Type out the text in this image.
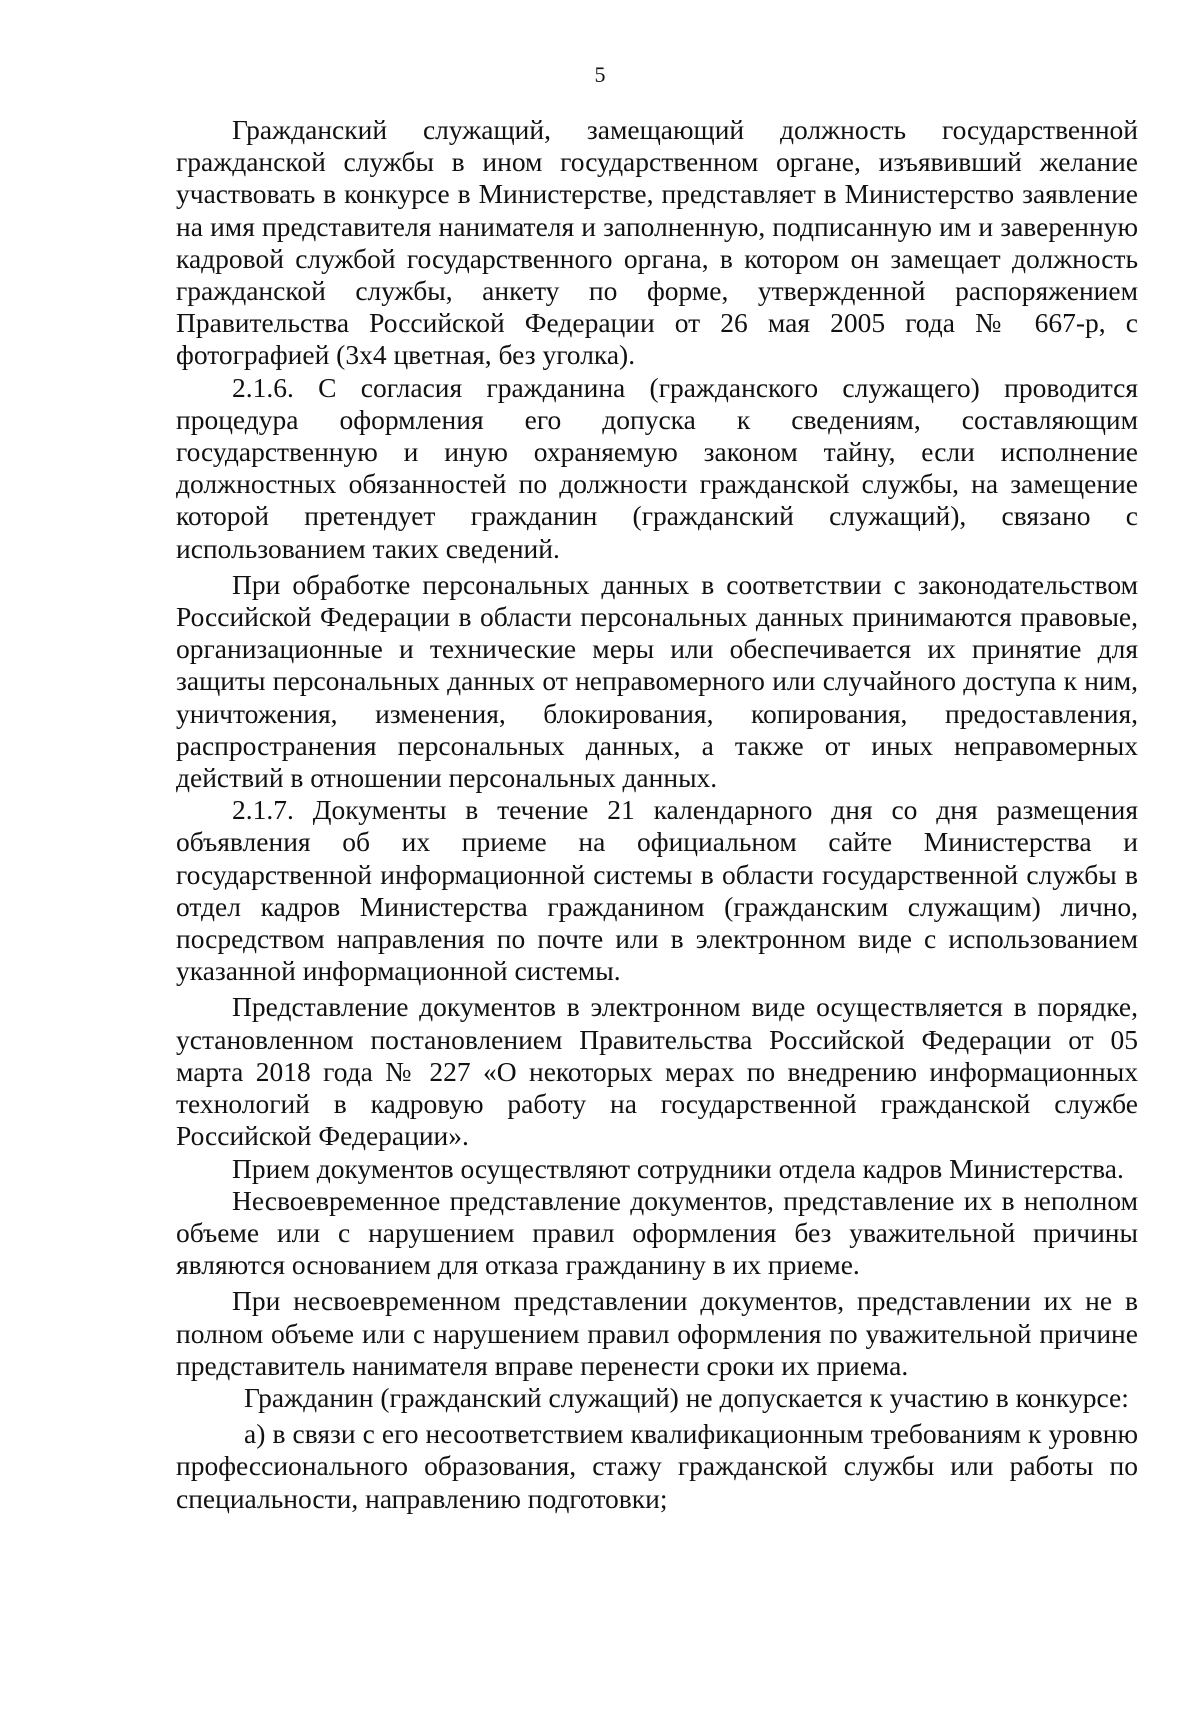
5

Гражданский служащий, замещающий должность государственной гражданской службы в ином государственном органе, изъявивший желание участвовать в конкурсе в Министерстве, представляет в Министерство заявление на имя представителя нанимателя и заполненную, подписанную им и заверенную кадровой службой государственного органа, в котором он замещает должность гражданской службы, анкету по форме, утвержденной распоряжением Правительства Российской Федерации от 26 мая 2005 года № 667-р, с фотографией (3х4 цветная, без уголка).

2.1.6. С согласия гражданина (гражданского служащего) проводится процедура оформления его допуска к сведениям, составляющим государственную и иную охраняемую законом тайну, если исполнение должностных обязанностей по должности гражданской службы, на замещение которой претендует гражданин (гражданский служащий), связано с использованием таких сведений.

При обработке персональных данных в соответствии с законодательством Российской Федерации в области персональных данных принимаются правовые, организационные и технические меры или обеспечивается их принятие для защиты персональных данных от неправомерного или случайного доступа к ним, уничтожения, изменения, блокирования, копирования, предоставления, распространения персональных данных, а также от иных неправомерных действий в отношении персональных данных.

2.1.7. Документы в течение 21 календарного дня со дня размещения объявления об их приеме на официальном сайте Министерства и государственной информационной системы в области государственной службы в отдел кадров Министерства гражданином (гражданским служащим) лично, посредством направления по почте или в электронном виде с использованием указанной информационной системы.

Представление документов в электронном виде осуществляется в порядке, установленном постановлением Правительства Российской Федерации от 05 марта 2018 года № 227 «О некоторых мерах по внедрению информационных технологий в кадровую работу на государственной гражданской службе Российской Федерации».

Прием документов осуществляют сотрудники отдела кадров Министерства.

Несвоевременное представление документов, представление их в неполном объеме или с нарушением правил оформления без уважительной причины являются основанием для отказа гражданину в их приеме.

При несвоевременном представлении документов, представлении их не в полном объеме или с нарушением правил оформления по уважительной причине представитель нанимателя вправе перенести сроки их приема.

Гражданин (гражданский служащий) не допускается к участию в конкурсе:

а) в связи с его несоответствием квалификационным требованиям к уровню профессионального образования, стажу гражданской службы или работы по специальности, направлению подготовки;
